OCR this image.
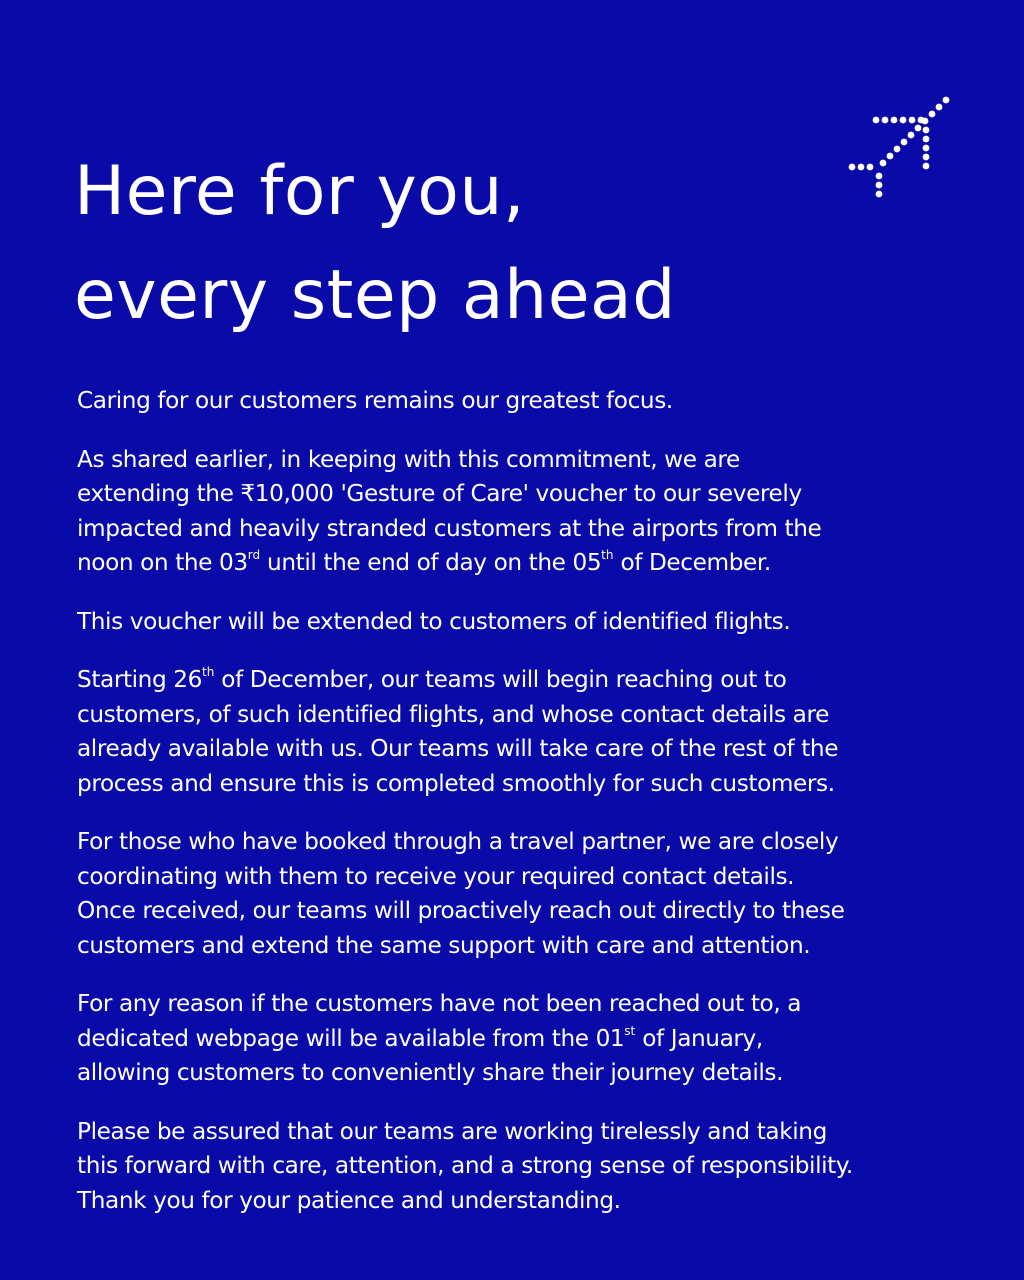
Here for you,
every step ahead

Caring for our customers remains our greatest focus.

As shared earlier, in keeping with this commitment, we are
extending the ₹10,000 'Gesture of Care' voucher to our severely
impacted and heavily stranded customers at the airports from the
noon on the 03rd until the end of day on the 05th of December.

This voucher will be extended to customers of identified flights.

Starting 26th of December, our teams will begin reaching out to
customers, of such identified flights, and whose contact details are
already available with us. Our teams will take care of the rest of the
process and ensure this is completed smoothly for such customers.

For those who have booked through a travel partner, we are closely
coordinating with them to receive your required contact details.
Once received, our teams will proactively reach out directly to these
customers and extend the same support with care and attention.

For any reason if the customers have not been reached out to, a
dedicated webpage will be available from the 01st of January,
allowing customers to conveniently share their journey details.

Please be assured that our teams are working tirelessly and taking
this forward with care, attention, and a strong sense of responsibility.
Thank you for your patience and understanding.
